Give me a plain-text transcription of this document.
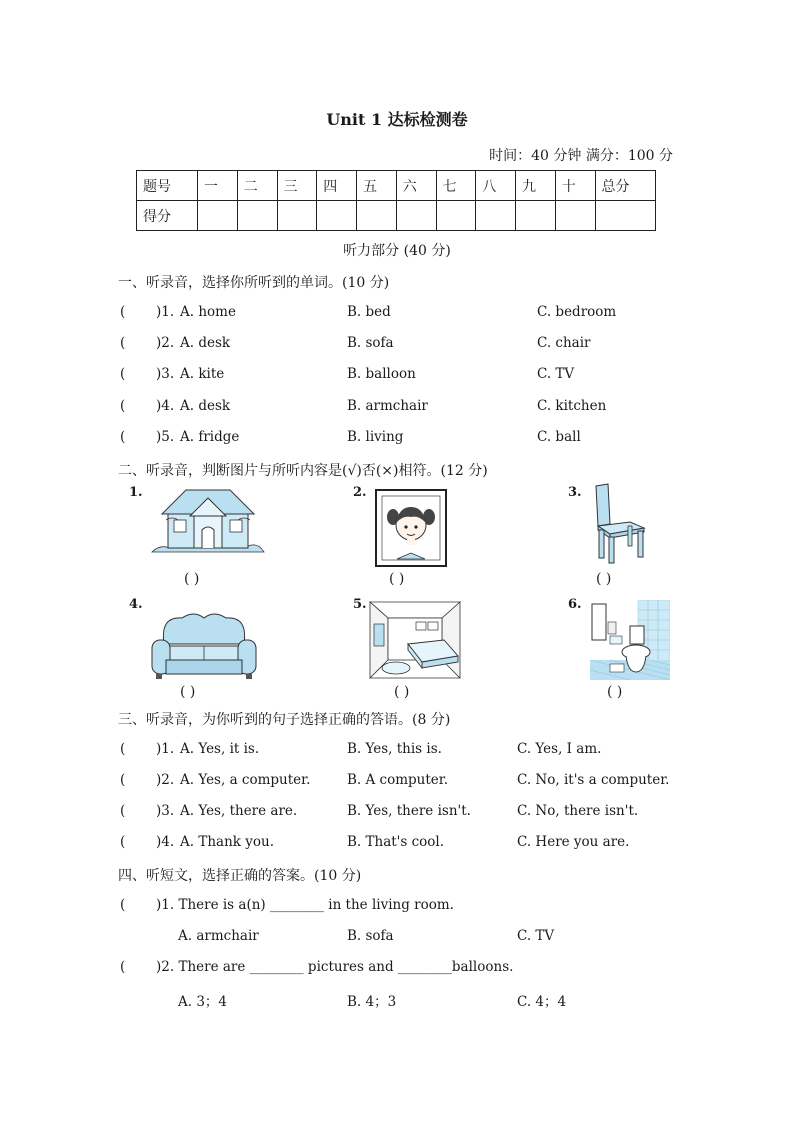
Unit 1 达标检测卷
时间：40 分钟 满分：100 分
题号	一	二	三	四	五	六	七	八	九	十	总分
得分											
听力部分 (40 分)
一、听录音，选择你所听到的单词。(10 分)
( )1. A. home	B. bed	C. bedroom
( )2. A. desk	B. sofa	C. chair
( )3. A. kite	B. balloon	C. TV
( )4. A. desk	B. armchair	C. kitchen
( )5. A. fridge	B. living	C. ball
二、听录音，判断图片与所听内容是(√)否(×)相符。(12 分)
1.
( )
2.
( )
3.
( )
4.
( )
5.
( )
6.
( )
三、听录音，为你听到的句子选择正确的答语。(8 分)
( )1. A. Yes, it is.	B. Yes, this is.	C. Yes, I am.
( )2. A. Yes, a computer.	B. A computer.	C. No, it's a computer.
( )3. A. Yes, there are.	B. Yes, there isn't.	C. No, there isn't.
( )4. A. Thank you.	B. That's cool.	C. Here you are.
四、听短文，选择正确的答案。(10 分)
( )1. There is a(n) ________ in the living room.
A. armchair	B. sofa	C. TV
( )2. There are ________ pictures and ________balloons.
A. 3；4	B. 4；3	C. 4；4
